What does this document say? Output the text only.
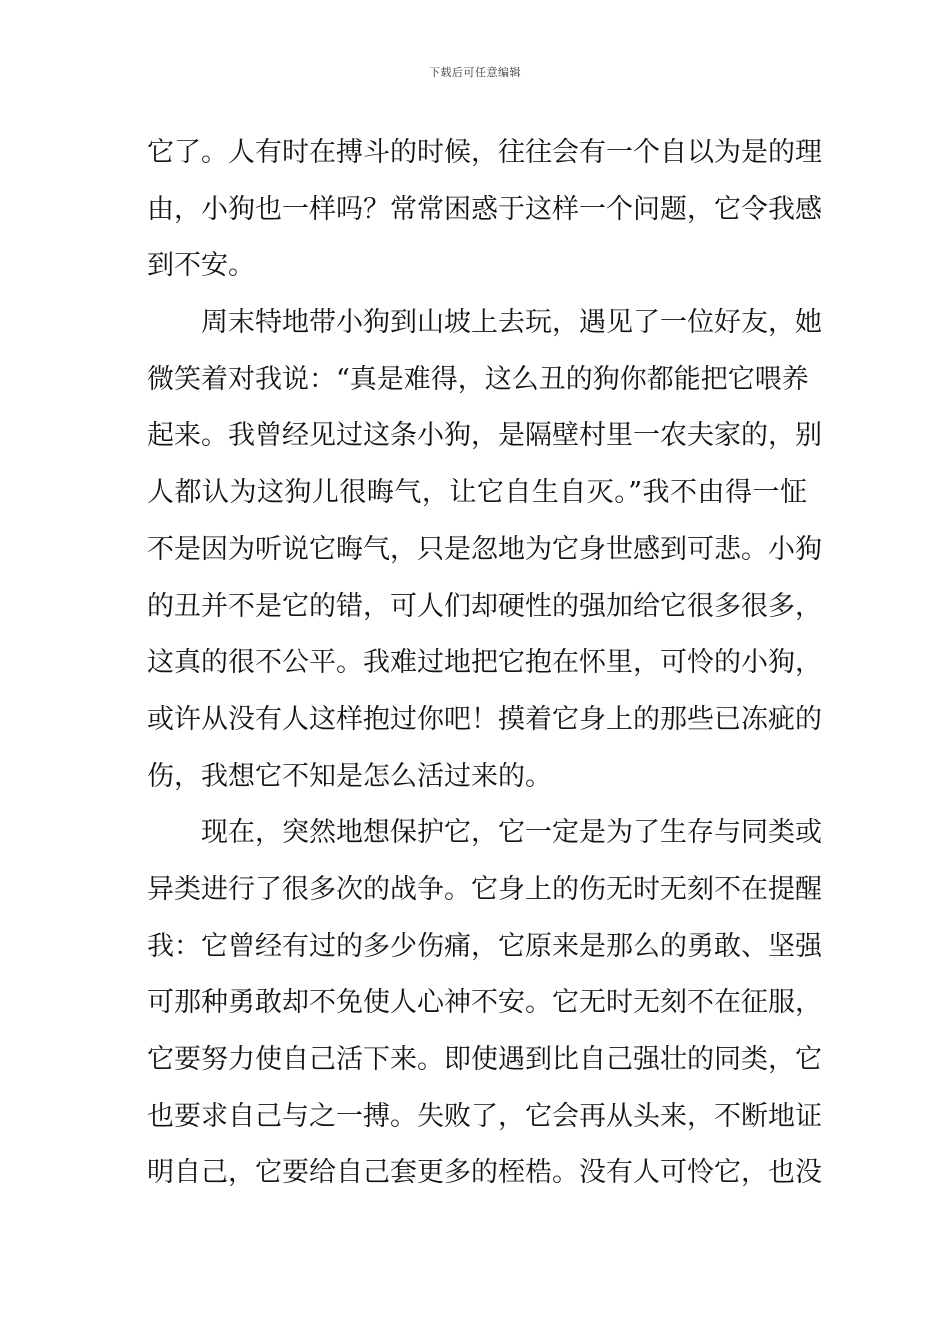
下载后可任意编辑
它了。人有时在搏斗的时候，往往会有一个自以为是的理
由，小狗也一样吗？常常困惑于这样一个问题，它令我感
到不安。
周末特地带小狗到山坡上去玩，遇见了一位好友，她
微笑着对我说：“真是难得，这么丑的狗你都能把它喂养
起来。我曾经见过这条小狗，是隔壁村里一农夫家的，别
人都认为这狗儿很晦气，让它自生自灭。”我不由得一怔
不是因为听说它晦气，只是忽地为它身世感到可悲。小狗
的丑并不是它的错，可人们却硬性的强加给它很多很多，
这真的很不公平。我难过地把它抱在怀里，可怜的小狗，
或许从没有人这样抱过你吧！摸着它身上的那些已冻疵的
伤，我想它不知是怎么活过来的。
现在，突然地想保护它，它一定是为了生存与同类或
异类进行了很多次的战争。它身上的伤无时无刻不在提醒
我：它曾经有过的多少伤痛，它原来是那么的勇敢、坚强
可那种勇敢却不免使人心神不安。它无时无刻不在征服，
它要努力使自己活下来。即使遇到比自己强壮的同类，它
也要求自己与之一搏。失败了，它会再从头来，不断地证
明自己，它要给自己套更多的桎梏。没有人可怜它，也没
